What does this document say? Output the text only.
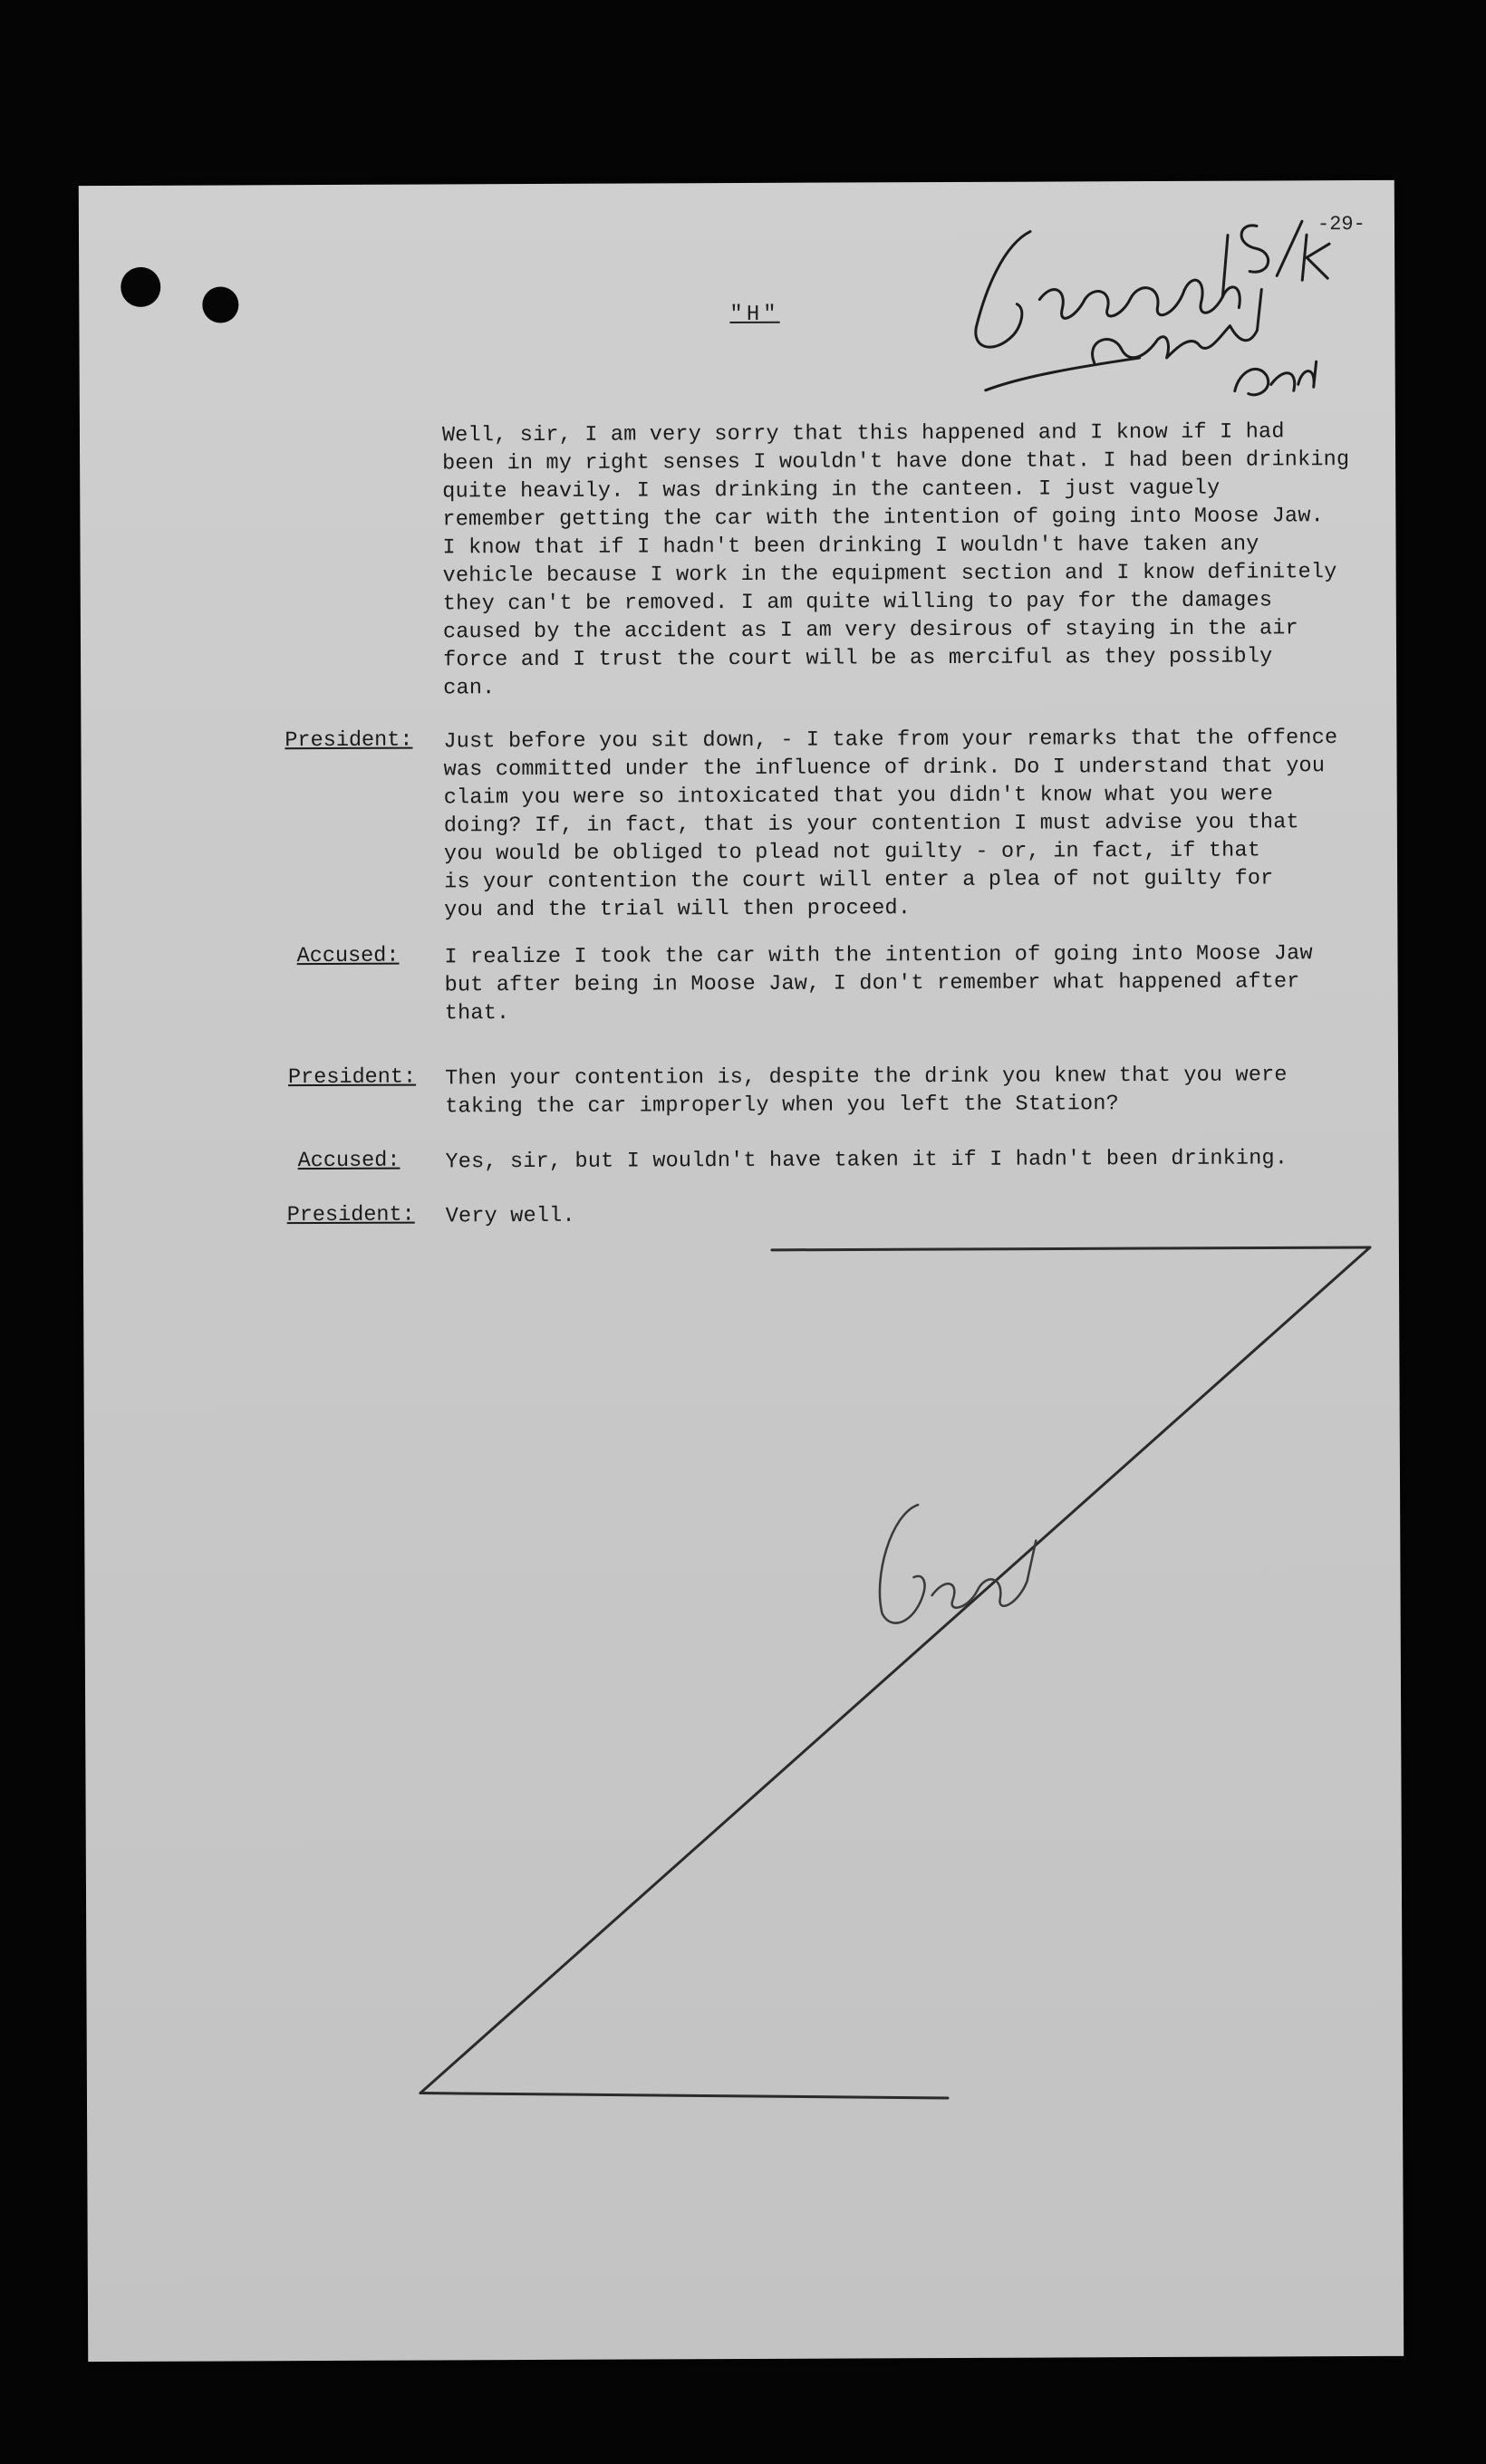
-29-
"H"
Well, sir, I am very sorry that this happened and I know if I had
been in my right senses I wouldn't have done that. I had been drinking
quite heavily. I was drinking in the canteen. I just vaguely
remember getting the car with the intention of going into Moose Jaw.
I know that if I hadn't been drinking I wouldn't have taken any
vehicle because I work in the equipment section and I know definitely
they can't be removed. I am quite willing to pay for the damages
caused by the accident as I am very desirous of staying in the air
force and I trust the court will be as merciful as they possibly
can.
President: Just before you sit down, - I take from your remarks that the offence
was committed under the influence of drink. Do I understand that you
claim you were so intoxicated that you didn't know what you were
doing? If, in fact, that is your contention I must advise you that
you would be obliged to plead not guilty - or, in fact, if that
is your contention the court will enter a plea of not guilty for
you and the trial will then proceed.
Accused: I realize I took the car with the intention of going into Moose Jaw
but after being in Moose Jaw, I don't remember what happened after
that.
President: Then your contention is, despite the drink you knew that you were
taking the car improperly when you left the Station?
Accused: Yes, sir, but I wouldn't have taken it if I hadn't been drinking.
President: Very well.
